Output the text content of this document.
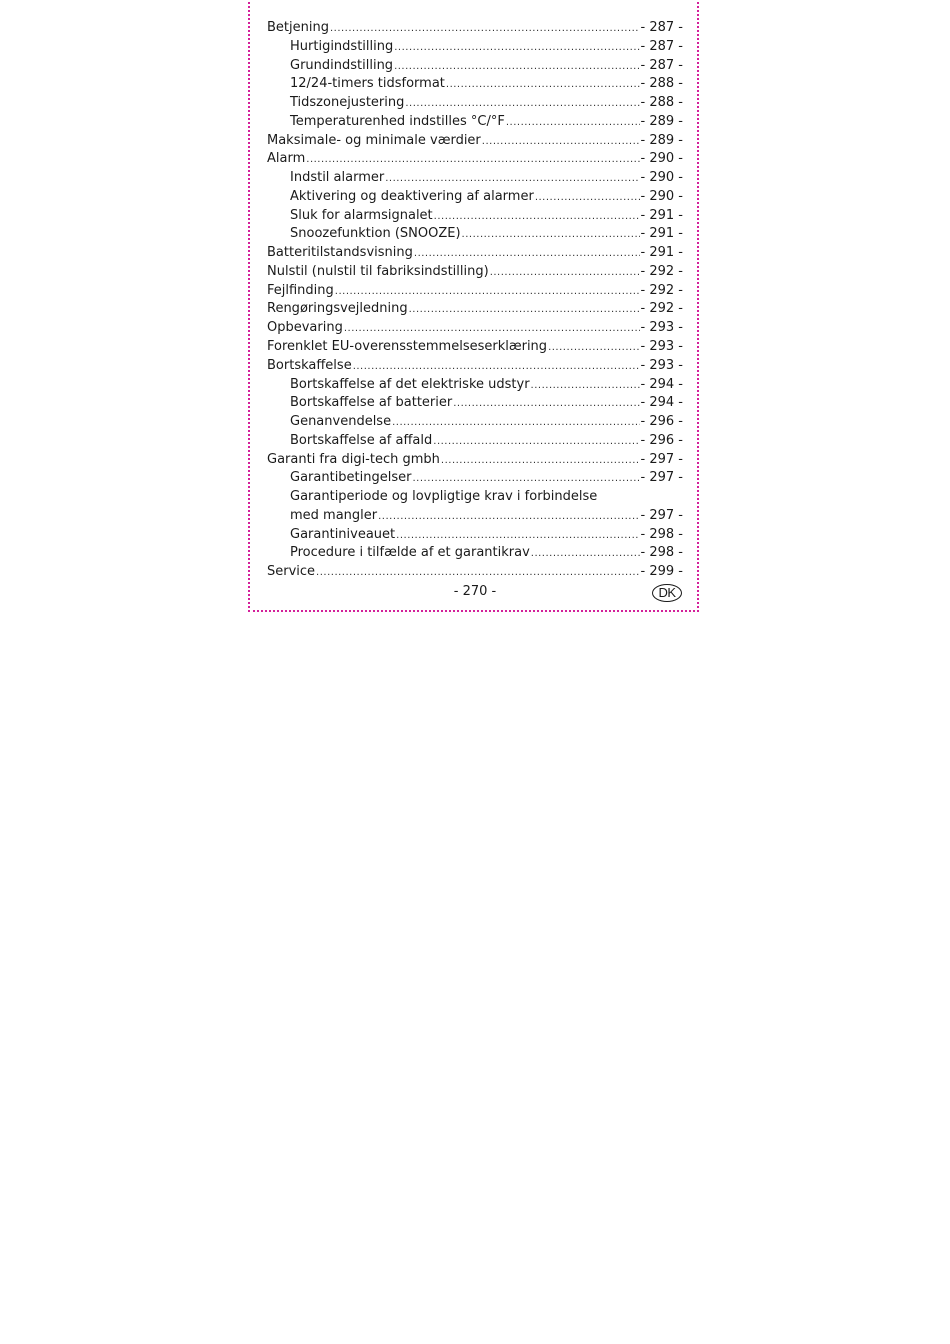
Betjening .....	- 287 -
Hurtigindstilling .....	- 287 -
Grundindstilling .....	- 287 -
12/24-timers tidsformat .....	- 288 -
Tidszonejustering .....	- 288 -
Temperaturenhed indstilles °C/°F .....	- 289 -
Maksimale- og minimale værdier .....	- 289 -
Alarm .....	- 290 -
Indstil alarmer .....	- 290 -
Aktivering og deaktivering af alarmer .....	- 290 -
Sluk for alarmsignalet .....	- 291 -
Snoozefunktion (SNOOZE) .....	- 291 -
Batteritilstandsvisning .....	- 291 -
Nulstil (nulstil til fabriksindstilling) .....	- 292 -
Fejlfinding .....	- 292 -
Rengøringsvejledning .....	- 292 -
Opbevaring .....	- 293 -
Forenklet EU-overensstemmelseserklæring .....	- 293 -
Bortskaffelse .....	- 293 -
Bortskaffelse af det elektriske udstyr .....	- 294 -
Bortskaffelse af batterier .....	- 294 -
Genanvendelse .....	- 296 -
Bortskaffelse af affald .....	- 296 -
Garanti fra digi-tech gmbh .....	- 297 -
Garantibetingelser .....	- 297 -
Garantiperiode og lovpligtige krav i forbindelse
med mangler .....	- 297 -
Garantiniveauet .....	- 298 -
Procedure i tilfælde af et garantikrav .....	- 298 -
Service .....	- 299 -
- 270 -	DK
